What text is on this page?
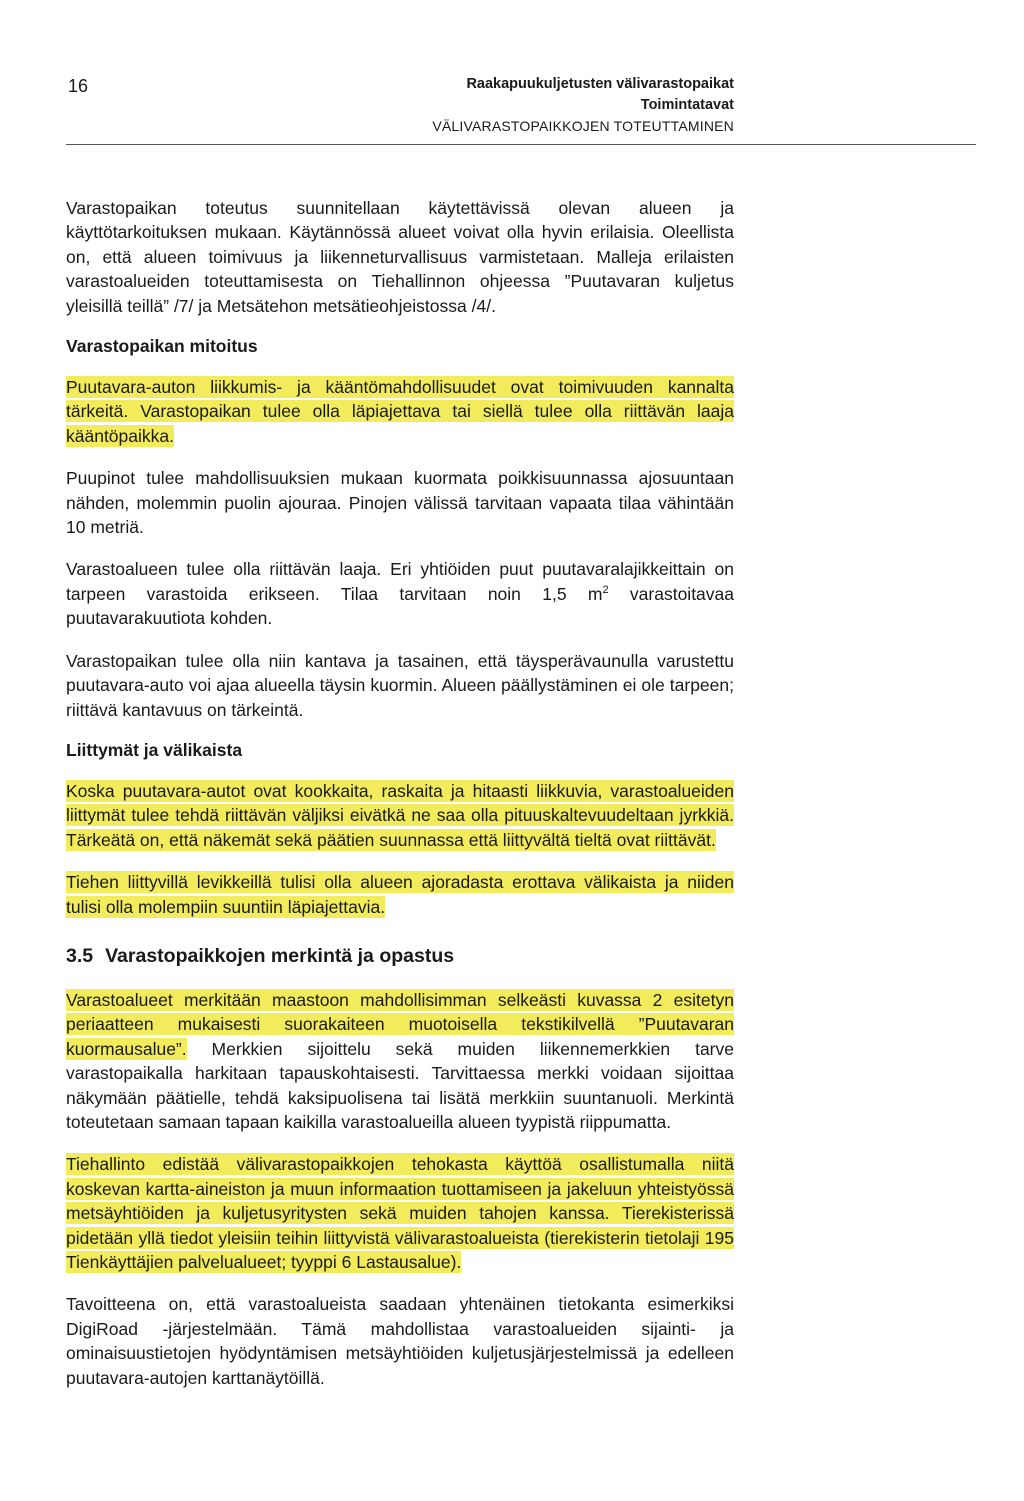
16	Raakapuukuljetusten välivarastopaikat
Toimintatavat
VÄLIVARASTOPAIKKOJEN TOTEUTTAMINEN

Varastopaikan toteutus suunnitellaan käytettävissä olevan alueen ja käyttötarkoituksen mukaan. Käytännössä alueet voivat olla hyvin erilaisia. Oleellista on, että alueen toimivuus ja liikenneturvallisuus varmistetaan. Malleja erilaisten varastoalueiden toteuttamisesta on Tiehallinnon ohjeessa ”Puutavaran kuljetus yleisillä teillä” /7/ ja Metsätehon metsätieohjeistossa /4/.

Varastopaikan mitoitus

Puutavara-auton liikkumis- ja kääntömahdollisuudet ovat toimivuuden kannalta tärkeitä. Varastopaikan tulee olla läpiajettava tai siellä tulee olla riittävän laaja kääntöpaikka.

Puupinot tulee mahdollisuuksien mukaan kuormata poikkisuunnassa ajosuuntaan nähden, molemmin puolin ajouraa. Pinojen välissä tarvitaan vapaata tilaa vähintään 10 metriä.

Varastoalueen tulee olla riittävän laaja. Eri yhtiöiden puut puutavaralajikkeittain on tarpeen varastoida erikseen. Tilaa tarvitaan noin 1,5 $m^2$ varastoitavaa puutavarakuutiota kohden.

Varastopaikan tulee olla niin kantava ja tasainen, että täysperävaunulla varustettu puutavara-auto voi ajaa alueella täysin kuormin. Alueen päällystäminen ei ole tarpeen; riittävä kantavuus on tärkeintä.

Liittymät ja välikaista

Koska puutavara-autot ovat kookkaita, raskaita ja hitaasti liikkuvia, varastoalueiden liittymät tulee tehdä riittävän väljiksi eivätkä ne saa olla pituuskaltevuudeltaan jyrkkiä. Tärkeätä on, että näkemät sekä päätien suunnassa että liittyvältä tieltä ovat riittävät.

Tiehen liittyvillä levikkeillä tulisi olla alueen ajoradasta erottava välikaista ja niiden tulisi olla molempiin suuntiin läpiajettavia.

3.5 Varastopaikkojen merkintä ja opastus

Varastoalueet merkitään maastoon mahdollisimman selkeästi kuvassa 2 esitetyn periaatteen mukaisesti suorakaiteen muotoisella tekstikilvellä ”Puutavaran kuormausalue”. Merkkien sijoittelu sekä muiden liikennemerkkien tarve varastopaikalla harkitaan tapauskohtaisesti. Tarvittaessa merkki voidaan sijoittaa näkymään päätielle, tehdä kaksipuolisena tai lisätä merkkiin suuntanuoli. Merkintä toteutetaan samaan tapaan kaikilla varastoalueilla alueen tyypistä riippumatta.

Tiehallinto edistää välivarastopaikkojen tehokasta käyttöä osallistumalla niitä koskevan kartta-aineiston ja muun informaation tuottamiseen ja jakeluun yhteistyössä metsäyhtiöiden ja kuljetusyritysten sekä muiden tahojen kanssa. Tierekisterissä pidetään yllä tiedot yleisiin teihin liittyvistä välivarastoalueista (tierekisterin tietolaji 195 Tienkäyttäjien palvelualueet; tyyppi 6 Lastausalue).

Tavoitteena on, että varastoalueista saadaan yhtenäinen tietokanta esimerkiksi DigiRoad -järjestelmään. Tämä mahdollistaa varastoalueiden sijainti- ja ominaisuustietojen hyödyntämisen metsäyhtiöiden kuljetusjärjestelmissä ja edelleen puutavara-autojen karttanäytöillä.
